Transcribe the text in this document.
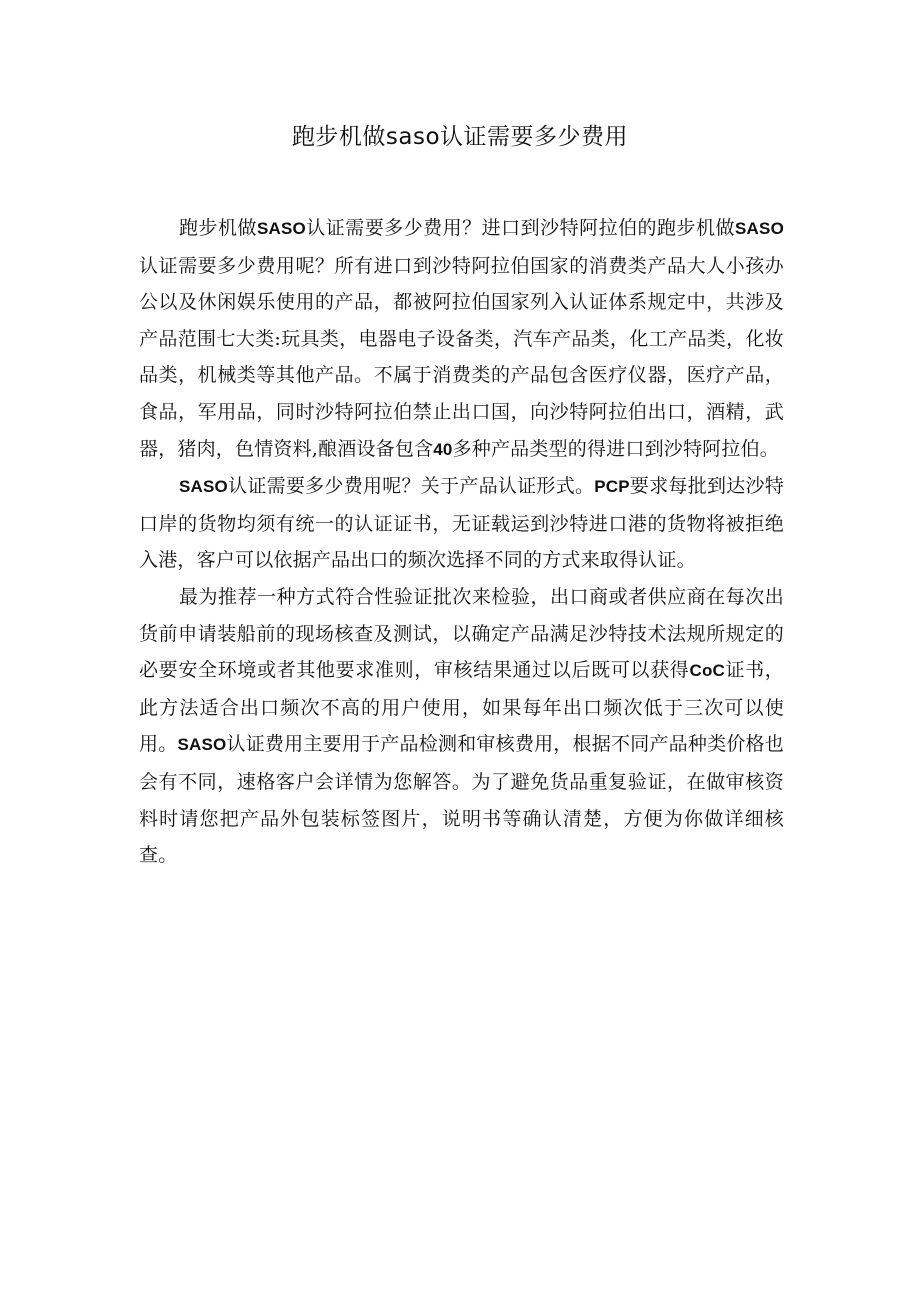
跑步机做saso认证需要多少费用

跑步机做SASO认证需要多少费用？进口到沙特阿拉伯的跑步机做SASO认证需要多少费用呢？所有进口到沙特阿拉伯国家的消费类产品大人小孩办公以及休闲娱乐使用的产品，都被阿拉伯国家列入认证体系规定中，共涉及产品范围七大类:玩具类，电器电子设备类，汽车产品类，化工产品类，化妆品类，机械类等其他产品。不属于消费类的产品包含医疗仪器，医疗产品，食品，军用品，同时沙特阿拉伯禁止出口国，向沙特阿拉伯出口，酒精，武器，猪肉，色情资料,酿酒设备包含40多种产品类型的得进口到沙特阿拉伯。

SASO认证需要多少费用呢？关于产品认证形式。PCP要求每批到达沙特口岸的货物均须有统一的认证证书，无证载运到沙特进口港的货物将被拒绝入港，客户可以依据产品出口的频次选择不同的方式来取得认证。

最为推荐一种方式符合性验证批次来检验，出口商或者供应商在每次出货前申请装船前的现场核查及测试，以确定产品满足沙特技术法规所规定的必要安全环境或者其他要求准则，审核结果通过以后既可以获得CoC证书，此方法适合出口频次不高的用户使用，如果每年出口频次低于三次可以使用。SASO认证费用主要用于产品检测和审核费用，根据不同产品种类价格也会有不同，速格客户会详情为您解答。为了避免货品重复验证，在做审核资料时请您把产品外包装标签图片，说明书等确认清楚，方便为你做详细核查。
